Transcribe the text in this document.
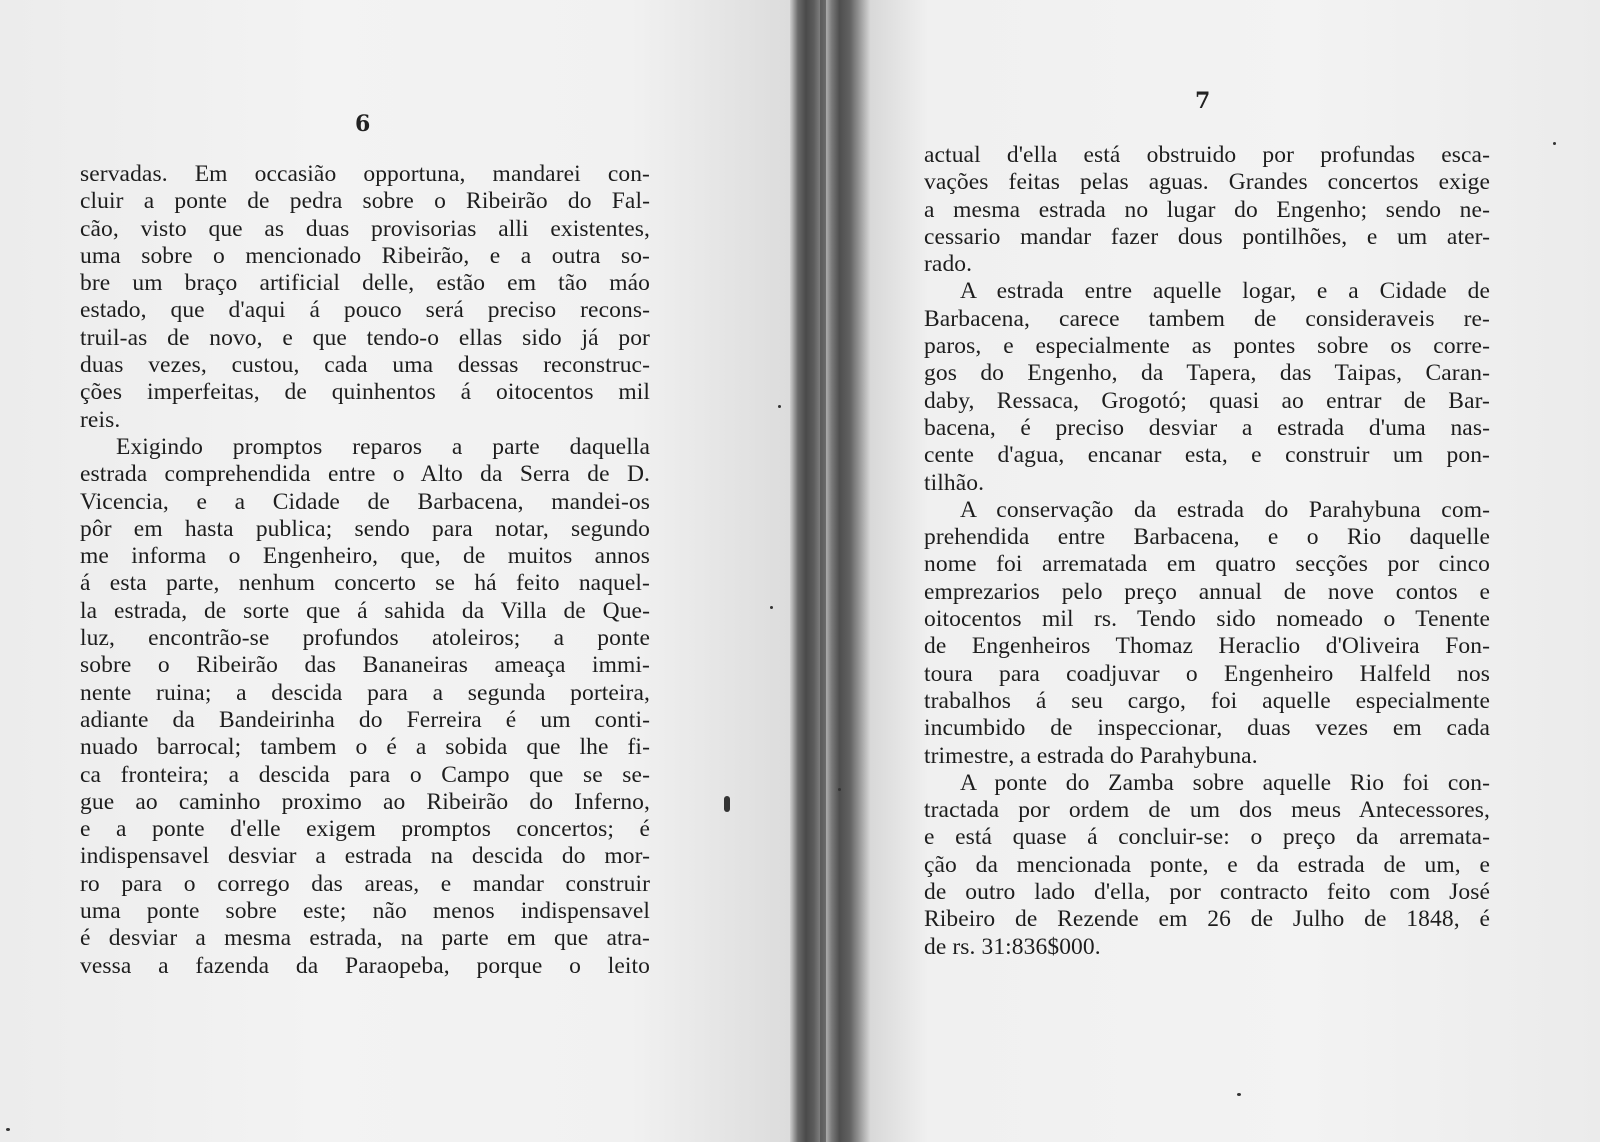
6
7
servadas. Em occasião opportuna, mandarei con-
cluir a ponte de pedra sobre o Ribeirão do Fal-
cão, visto que as duas provisorias alli existentes,
uma sobre o mencionado Ribeirão, e a outra so-
bre um braço artificial delle, estão em tão máo
estado, que d'aqui á pouco será preciso recons-
truil-as de novo, e que tendo-o ellas sido já por
duas vezes, custou, cada uma dessas reconstruc-
ções imperfeitas, de quinhentos á oitocentos mil
reis.
Exigindo promptos reparos a parte daquella
estrada comprehendida entre o Alto da Serra de D.
Vicencia, e a Cidade de Barbacena, mandei-os
pôr em hasta publica; sendo para notar, segundo
me informa o Engenheiro, que, de muitos annos
á esta parte, nenhum concerto se há feito naquel-
la estrada, de sorte que á sahida da Villa de Que-
luz, encontrão-se profundos atoleiros; a ponte
sobre o Ribeirão das Bananeiras ameaça immi-
nente ruina; a descida para a segunda porteira,
adiante da Bandeirinha do Ferreira é um conti-
nuado barrocal; tambem o é a sobida que lhe fi-
ca fronteira; a descida para o Campo que se se-
gue ao caminho proximo ao Ribeirão do Inferno,
e a ponte d'elle exigem promptos concertos; é
indispensavel desviar a estrada na descida do mor-
ro para o corrego das areas, e mandar construir
uma ponte sobre este; não menos indispensavel
é desviar a mesma estrada, na parte em que atra-
vessa a fazenda da Paraopeba, porque o leito
actual d'ella está obstruido por profundas esca-
vações feitas pelas aguas. Grandes concertos exige
a mesma estrada no lugar do Engenho; sendo ne-
cessario mandar fazer dous pontilhões, e um ater-
rado.
A estrada entre aquelle logar, e a Cidade de
Barbacena, carece tambem de consideraveis re-
paros, e especialmente as pontes sobre os corre-
gos do Engenho, da Tapera, das Taipas, Caran-
daby, Ressaca, Grogotó; quasi ao entrar de Bar-
bacena, é preciso desviar a estrada d'uma nas-
cente d'agua, encanar esta, e construir um pon-
tilhão.
A conservação da estrada do Parahybuna com-
prehendida entre Barbacena, e o Rio daquelle
nome foi arrematada em quatro secções por cinco
emprezarios pelo preço annual de nove contos e
oitocentos mil rs. Tendo sido nomeado o Tenente
de Engenheiros Thomaz Heraclio d'Oliveira Fon-
toura para coadjuvar o Engenheiro Halfeld nos
trabalhos á seu cargo, foi aquelle especialmente
incumbido de inspeccionar, duas vezes em cada
trimestre, a estrada do Parahybuna.
A ponte do Zamba sobre aquelle Rio foi con-
tractada por ordem de um dos meus Antecessores,
e está quase á concluir-se: o preço da arremata-
ção da mencionada ponte, e da estrada de um, e
de outro lado d'ella, por contracto feito com José
Ribeiro de Rezende em 26 de Julho de 1848, é
de rs. 31:836$000.
